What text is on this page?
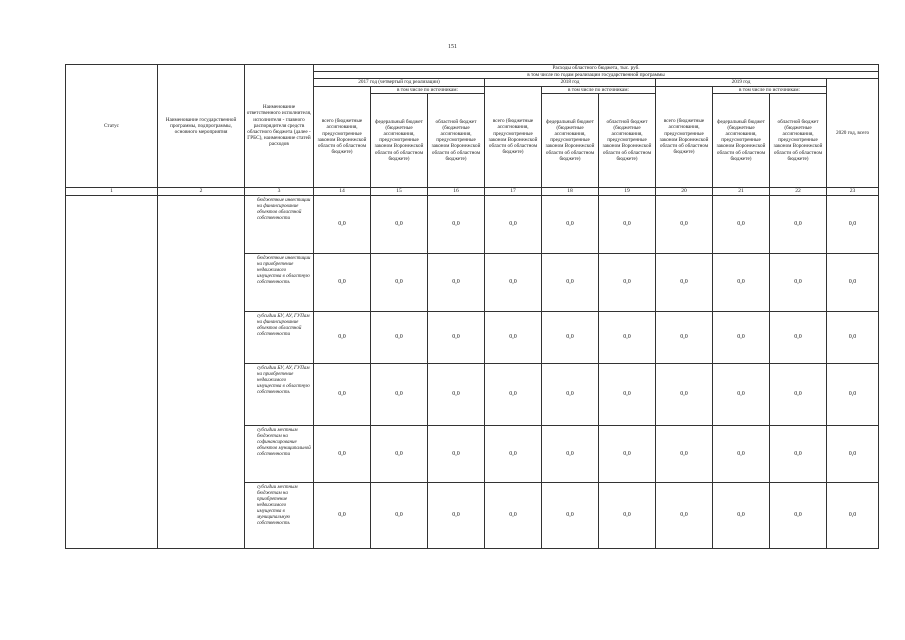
151
Статус	Наименование государственной программы, подпрограммы, основного мероприятия	Наименование ответственного исполнителя, исполнителя - главного распорядителя средств областного бюджета (далее - ГРБС), наименование статей расходов	Расходы областного бюджета, тыс. руб.									
			в том числе по годам реализации государственной программы									
			2017 год (четвертый год реализации)			2018 год			2019 год			2020 год, всего
			всего (бюджетные ассигнования, предусмотренные законом Воронежской области об областном бюджете)	в том числе по источникам:		всего (бюджетные ассигнования, предусмотренные законом Воронежской области об областном бюджете)	в том числе по источникам:		всего (бюджетные ассигнования, предусмотренные законом Воронежской области об областном бюджете)	в том числе по источникам:		
				федеральный бюджет (бюджетные ассигнования, предусмотренные законом Воронежской области об областном бюджете)	областной бюджет (бюджетные ассигнования, предусмотренные законом Воронежской области об областном бюджете)		федеральный бюджет (бюджетные ассигнования, предусмотренные законом Воронежской области об областном бюджете)	областной бюджет (бюджетные ассигнования, предусмотренные законом Воронежской области об областном бюджете)		федеральный бюджет (бюджетные ассигнования, предусмотренные законом Воронежской области об областном бюджете)	областной бюджет (бюджетные ассигнования, предусмотренные законом Воронежской области об областном бюджете)	
1	2	3	14	15	16	17	18	19	20	21	22	23
		бюджетные инвестиции на финансирование объектов областной собственности	0,0	0,0	0,0	0,0	0,0	0,0	0,0	0,0	0,0	0,0
		бюджетные инвестиции на приобретение недвижимого имущества в областную собственность	0,0	0,0	0,0	0,0	0,0	0,0	0,0	0,0	0,0	0,0
		субсидии БУ, АУ, ГУПам на финансирование объектов областной собственности	0,0	0,0	0,0	0,0	0,0	0,0	0,0	0,0	0,0	0,0
		субсидии БУ, АУ, ГУПам на приобретение недвижимого имущества в областную собственность	0,0	0,0	0,0	0,0	0,0	0,0	0,0	0,0	0,0	0,0
		субсидии местным бюджетам на софинансирование объектов муниципальной собственности	0,0	0,0	0,0	0,0	0,0	0,0	0,0	0,0	0,0	0,0
		субсидии местным бюджетам на приобретение недвижимого имущества в муниципальную собственность	0,0	0,0	0,0	0,0	0,0	0,0	0,0	0,0	0,0	0,0
